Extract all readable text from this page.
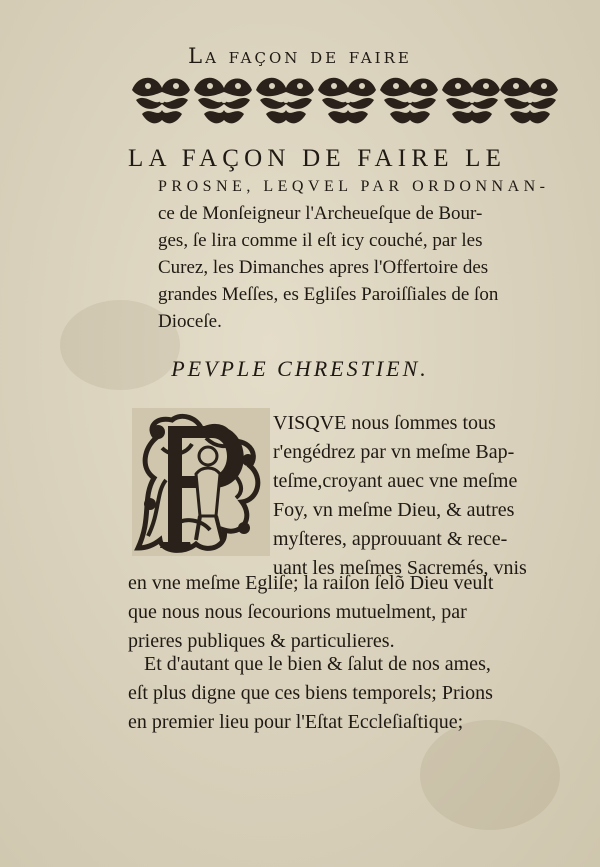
La façon de faire
LA FAÇON DE FAIRE LE
PROSNE, LEQVEL PAR ORDONNAN-
ce de Monſeigneur l'Archeueſque de Bour-
ges, ſe lira comme il eſt icy couché, par les
Curez, les Dimanches apres l'Offertoire des
grandes Meſſes, es Egliſes Paroiſſiales de ſon
Dioceſe.
PEVPLE CHRESTIEN.
P
VISQVE nous ſommes tous
r'engédrez par vn meſme Bap-
teſme,croyant auec vne meſme
Foy, vn meſme Dieu, & autres
myſteres, approuuant & rece-
uant les meſmes Sacremés, vnis
en vne meſme Egliſe; la raiſon ſelõ Dieu veult
que nous nous ſecourions mutuelment, par
prieres publiques & particulieres.
Et d'autant que le bien & ſalut de nos ames,
eſt plus digne que ces biens temporels; Prions
en premier lieu pour l'Eſtat Eccleſiaſtique;
